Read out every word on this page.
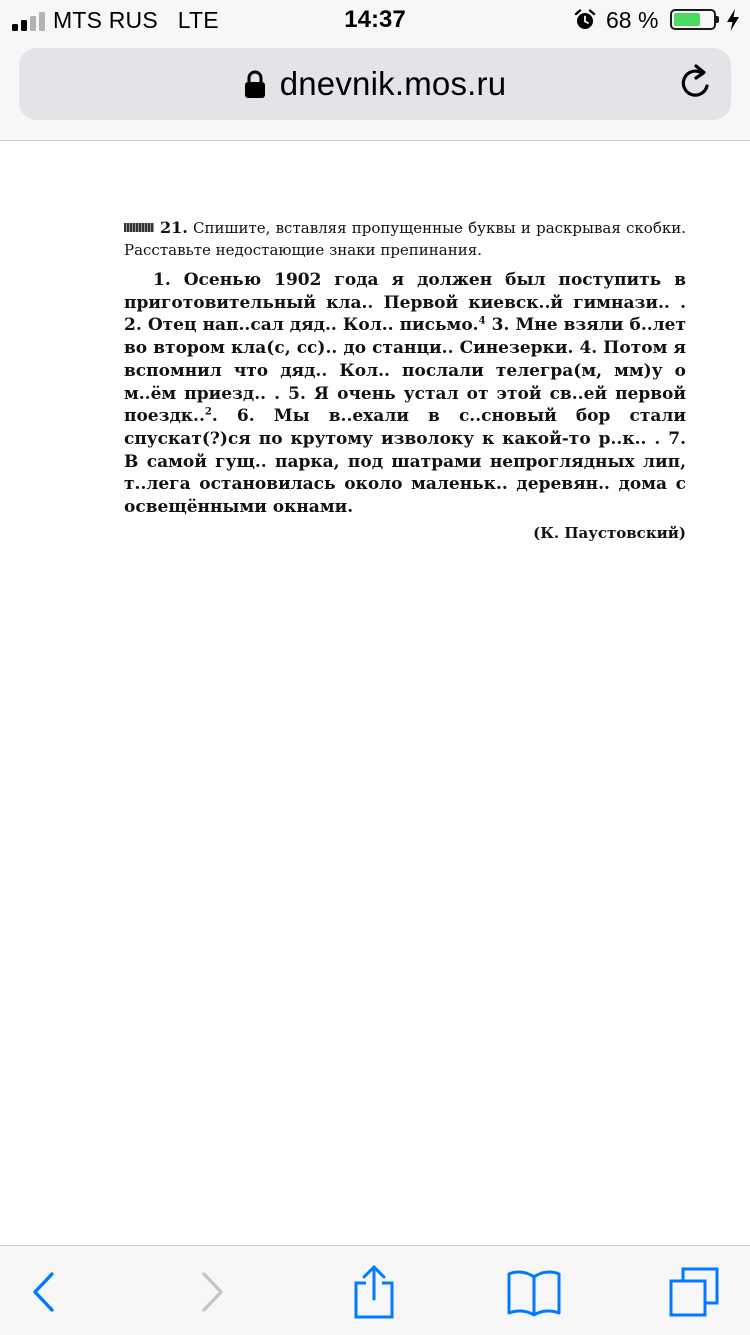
MTS RUS LTE	14:37	68 %
dnevnik.mos.ru

21. Спишите, вставляя пропущенные буквы и раскрывая скобки. Расставьте недостающие знаки препинания.

1. Осенью 1902 года я должен был поступить в приготовительный кла.. Первой киевск..й гимнази.. . 2. Отец нап..сал дяд.. Кол.. письмо.$^4$ 3. Мне взяли б..лет во втором кла(с, сс).. до станци.. Синезерки. 4. Потом я вспомнил что дяд.. Кол.. послали телегра(м, мм)у о м..ём приезд.. . 5. Я очень устал от этой св..ей первой поездк..$^2$. 6. Мы в..ехали в с..сновый бор стали спускат(?)ся по крутому изволоку к какой-то р..к.. . 7. В самой гущ.. парка, под шатрами непроглядных лип, т..лега остановилась около маленьк.. деревян.. дома с освещёнными окнами.

(К. Паустовский)
